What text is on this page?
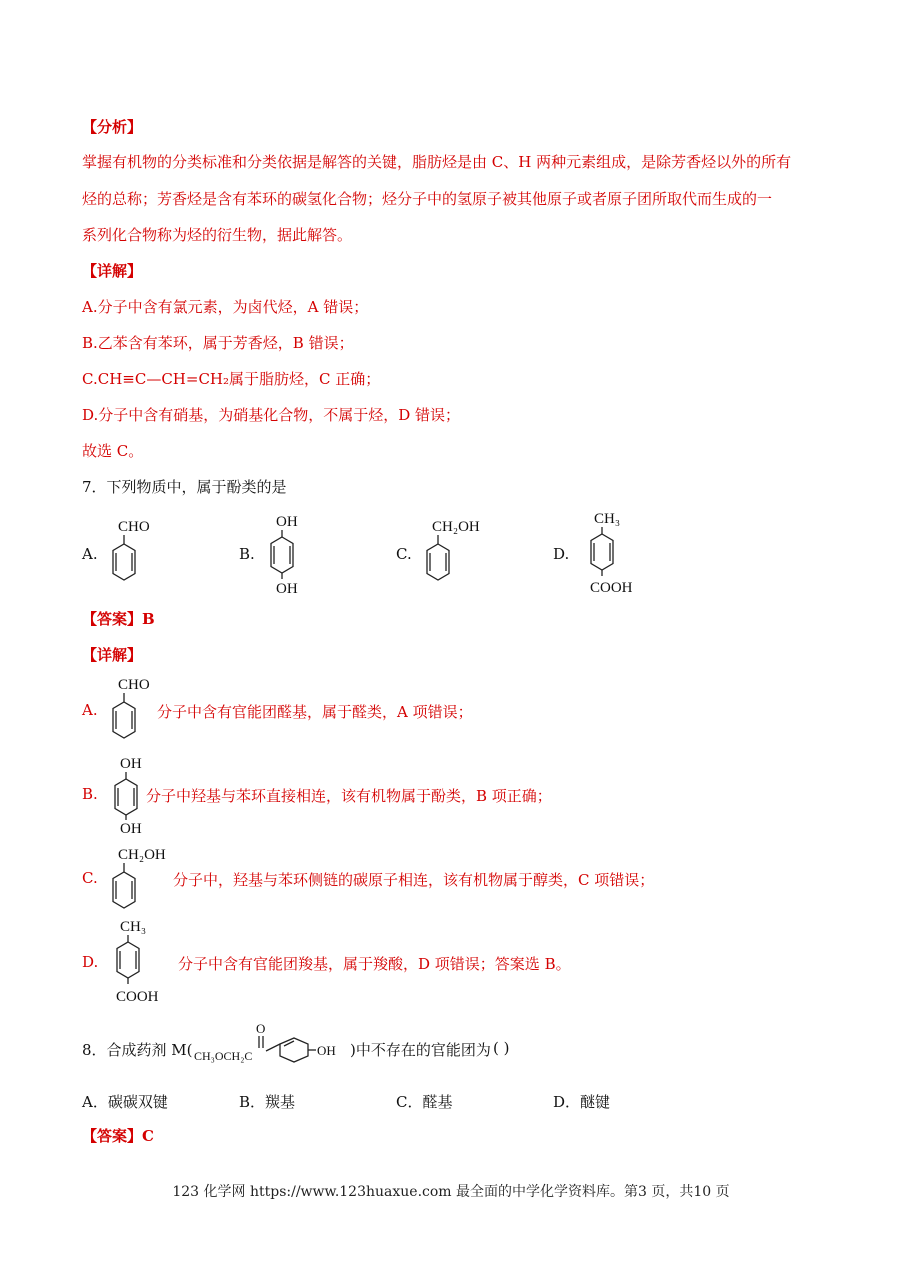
【分析】
掌握有机物的分类标准和分类依据是解答的关键，脂肪烃是由 C、H 两种元素组成，是除芳香烃以外的所有
烃的总称；芳香烃是含有苯环的碳氢化合物；烃分子中的氢原子被其他原子或者原子团所取代而生成的一
系列化合物称为烃的衍生物，据此解答。
【详解】
A.分子中含有氯元素，为卤代烃，A 错误；
B.乙苯含有苯环，属于芳香烃，B 错误；
C.CH≡C—CH=CH₂属于脂肪烃，C 正确；
D.分子中含有硝基，为硝基化合物，不属于烃，D 错误；
故选 C。
7．下列物质中，属于酚类的是
A.
CHO
B.
OH
OH
C.
CH₂OH
D.
CH₃
COOH
【答案】B
【详解】
A.
CHO
分子中含有官能团醛基，属于醛类，A 项错误；
B.
OH
OH
分子中羟基与苯环直接相连，该有机物属于酚类，B 项正确；
C.
CH₂OH
分子中，羟基与苯环侧链的碳原子相连，该有机物属于醇类，C 项错误；
D.
CH₃
COOH
分子中含有官能团羧基，属于羧酸，D 项错误；答案选 B。
8．合成药剂 M(
O
CH₃OCH₂C	OH )中不存在的官能团为 ( )
A．碳碳双键	B．羰基	C．醛基	D．醚键
【答案】C
123 化学网 https://www.123huaxue.com 最全面的中学化学资料库。第3 页，共10 页
